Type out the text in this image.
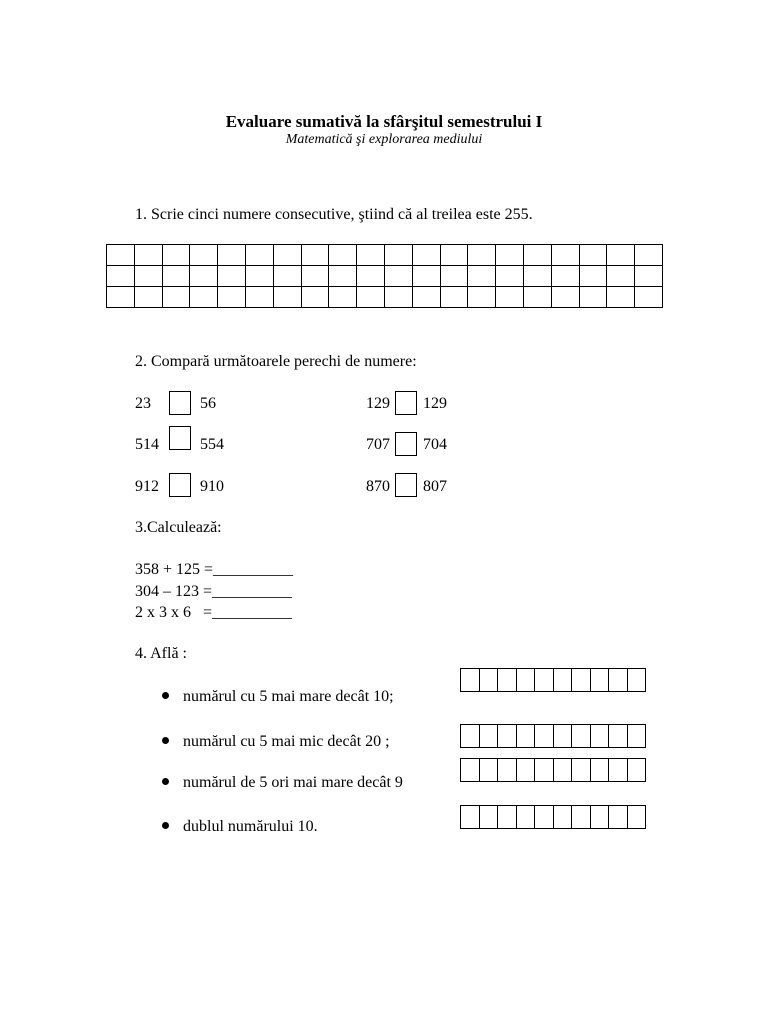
Evaluare sumativă la sfârşitul semestrului I
Matematică şi explorarea mediului
1. Scrie cinci numere consecutive, ştiind că al treilea este 255.

2. Compară următoarele perechi de numere:
23	56	129 129
514	554	707 704
912	910	870 807
3.Calculează:
358 + 125 =__________
304 – 123 =__________
2 x 3 x 6   =__________
4. Află :
numărul cu 5 mai mare decât 10;
numărul cu 5 mai mic decât 20 ;
numărul de 5 ori mai mare decât 9
dublul numărului 10.
